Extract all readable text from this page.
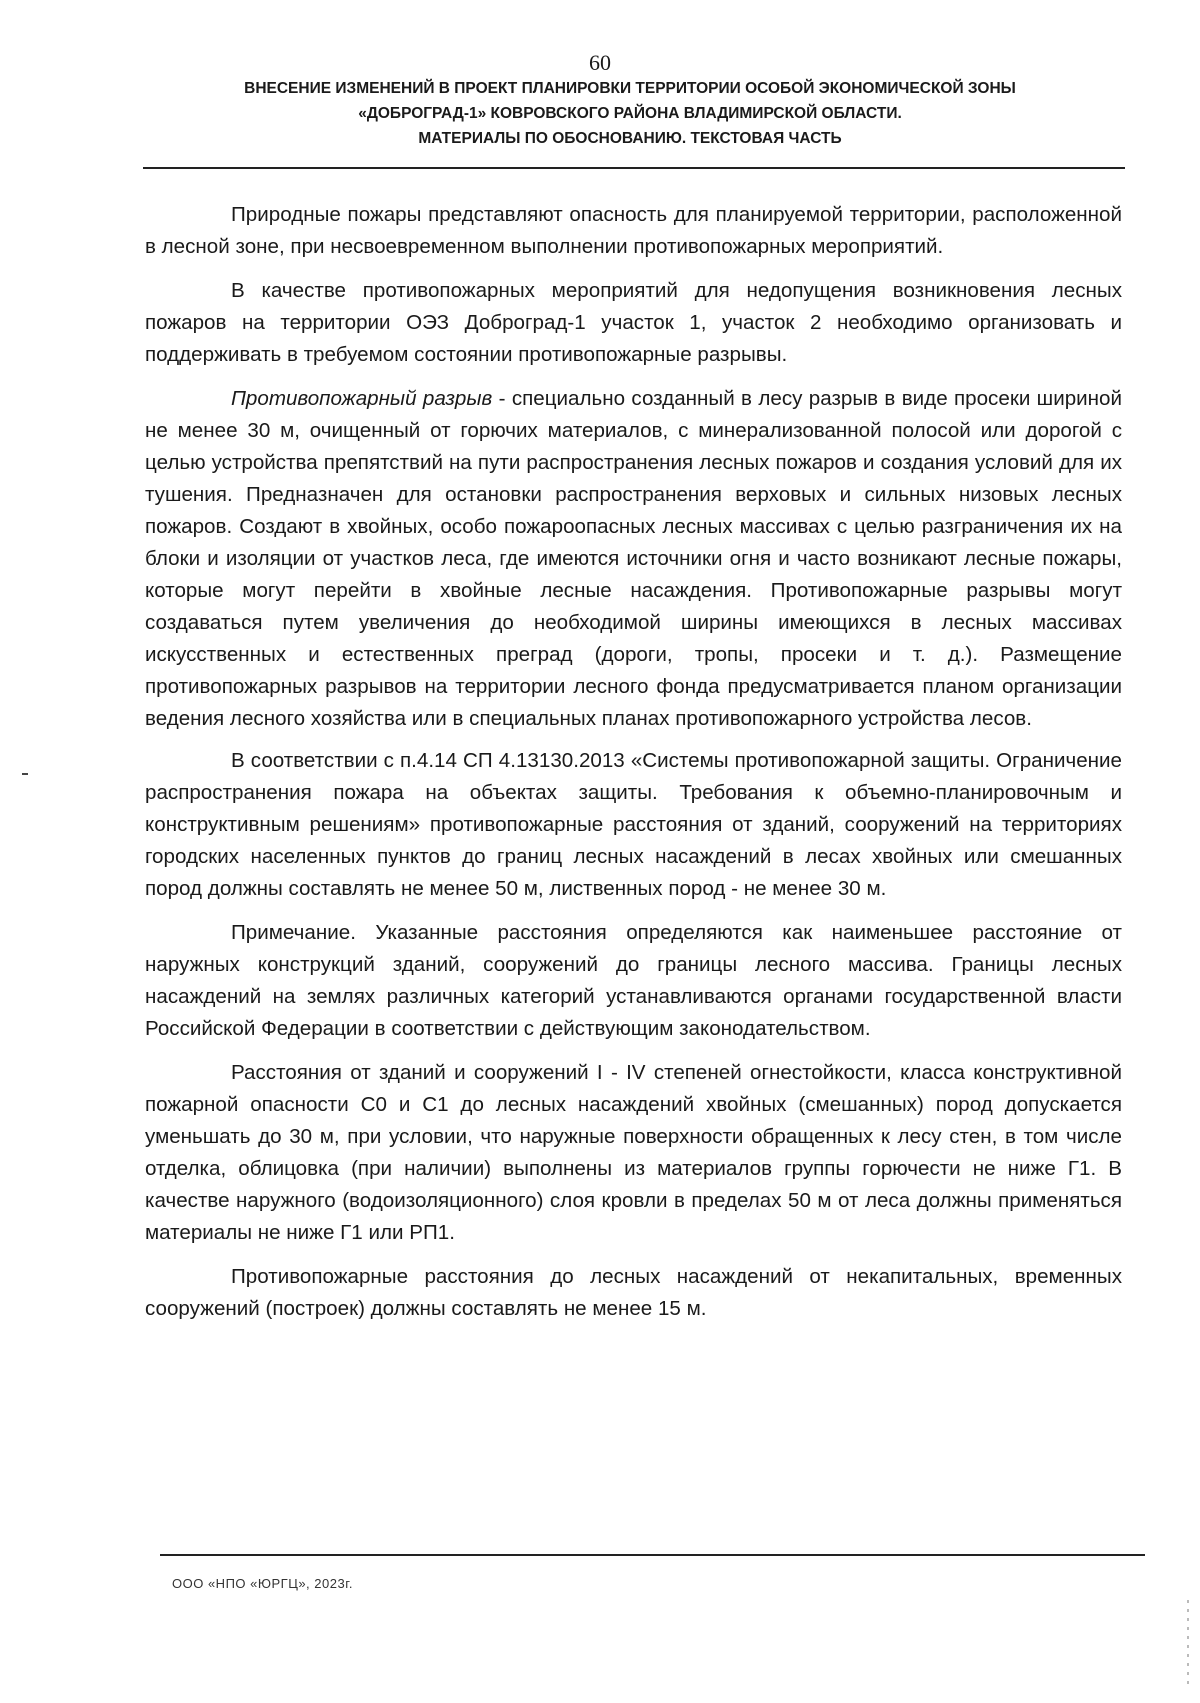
60
ВНЕСЕНИЕ ИЗМЕНЕНИЙ В ПРОЕКТ ПЛАНИРОВКИ ТЕРРИТОРИИ ОСОБОЙ ЭКОНОМИЧЕСКОЙ ЗОНЫ
«ДОБРОГРАД-1» КОВРОВСКОГО РАЙОНА ВЛАДИМИРСКОЙ ОБЛАСТИ.
МАТЕРИАЛЫ ПО ОБОСНОВАНИЮ. ТЕКСТОВАЯ ЧАСТЬ

Природные пожары представляют опасность для планируемой территории, расположенной в лесной зоне, при несвоевременном выполнении противопожарных мероприятий.

В качестве противопожарных мероприятий для недопущения возникновения лесных пожаров на территории ОЭЗ Доброград-1 участок 1, участок 2 необходимо организовать и поддерживать в требуемом состоянии противопожарные разрывы.

Противопожарный разрыв - специально созданный в лесу разрыв в виде просеки шириной не менее 30 м, очищенный от горючих материалов, с минерализованной полосой или дорогой с целью устройства препятствий на пути распространения лесных пожаров и создания условий для их тушения. Предназначен для остановки распространения верховых и сильных низовых лесных пожаров. Создают в хвойных, особо пожароопасных лесных массивах с целью разграничения их на блоки и изоляции от участков леса, где имеются источники огня и часто возникают лесные пожары, которые могут перейти в хвойные лесные насаждения. Противопожарные разрывы могут создаваться путем увеличения до необходимой ширины имеющихся в лесных массивах искусственных и естественных преград (дороги, тропы, просеки и т. д.). Размещение противопожарных разрывов на территории лесного фонда предусматривается планом организации ведения лесного хозяйства или в специальных планах противопожарного устройства лесов.

В соответствии с п.4.14 СП 4.13130.2013 «Системы противопожарной защиты. Ограничение распространения пожара на объектах защиты. Требования к объемно-планировочным и конструктивным решениям» противопожарные расстояния от зданий, сооружений на территориях городских населенных пунктов до границ лесных насаждений в лесах хвойных или смешанных пород должны составлять не менее 50 м, лиственных пород - не менее 30 м.

Примечание. Указанные расстояния определяются как наименьшее расстояние от наружных конструкций зданий, сооружений до границы лесного массива. Границы лесных насаждений на землях различных категорий устанавливаются органами государственной власти Российской Федерации в соответствии с действующим законодательством.

Расстояния от зданий и сооружений I - IV степеней огнестойкости, класса конструктивной пожарной опасности С0 и С1 до лесных насаждений хвойных (смешанных) пород допускается уменьшать до 30 м, при условии, что наружные поверхности обращенных к лесу стен, в том числе отделка, облицовка (при наличии) выполнены из материалов группы горючести не ниже Г1. В качестве наружного (водоизоляционного) слоя кровли в пределах 50 м от леса должны применяться материалы не ниже Г1 или РП1.

Противопожарные расстояния до лесных насаждений от некапитальных, временных сооружений (построек) должны составлять не менее 15 м.

ООО «НПО «ЮРГЦ», 2023г.
